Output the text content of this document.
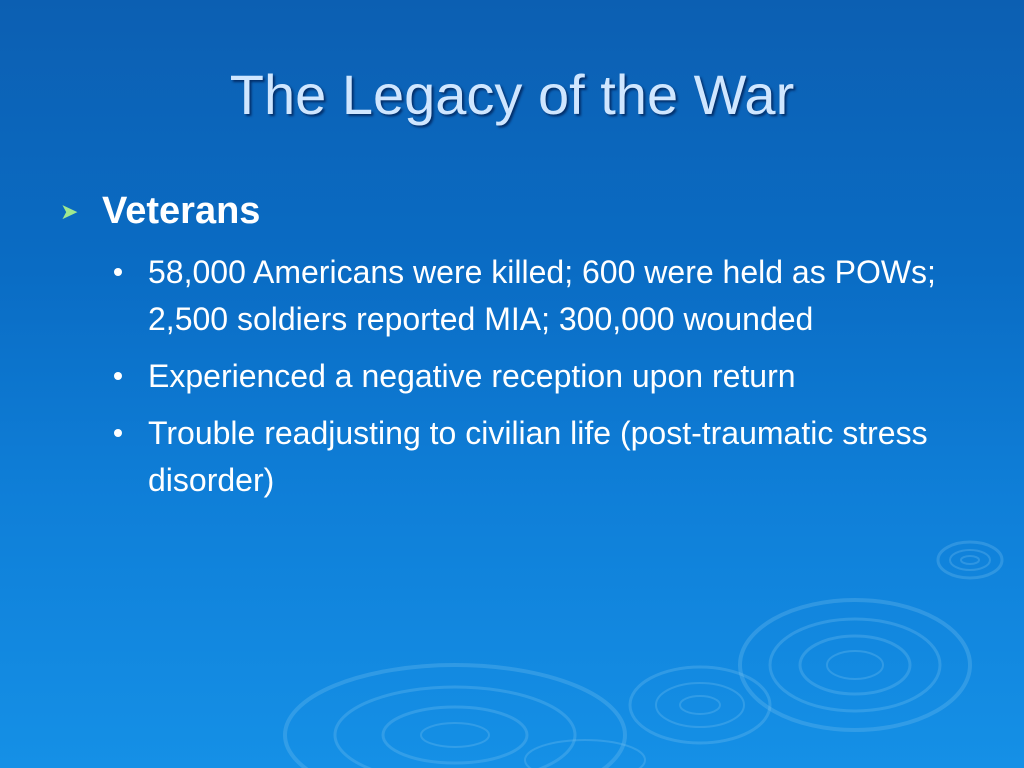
The Legacy of the War
➤ Veterans
58,000 Americans were killed; 600 were held as POWs; 2,500 soldiers reported MIA; 300,000 wounded
Experienced a negative reception upon return
Trouble readjusting to civilian life (post-traumatic stress disorder)
